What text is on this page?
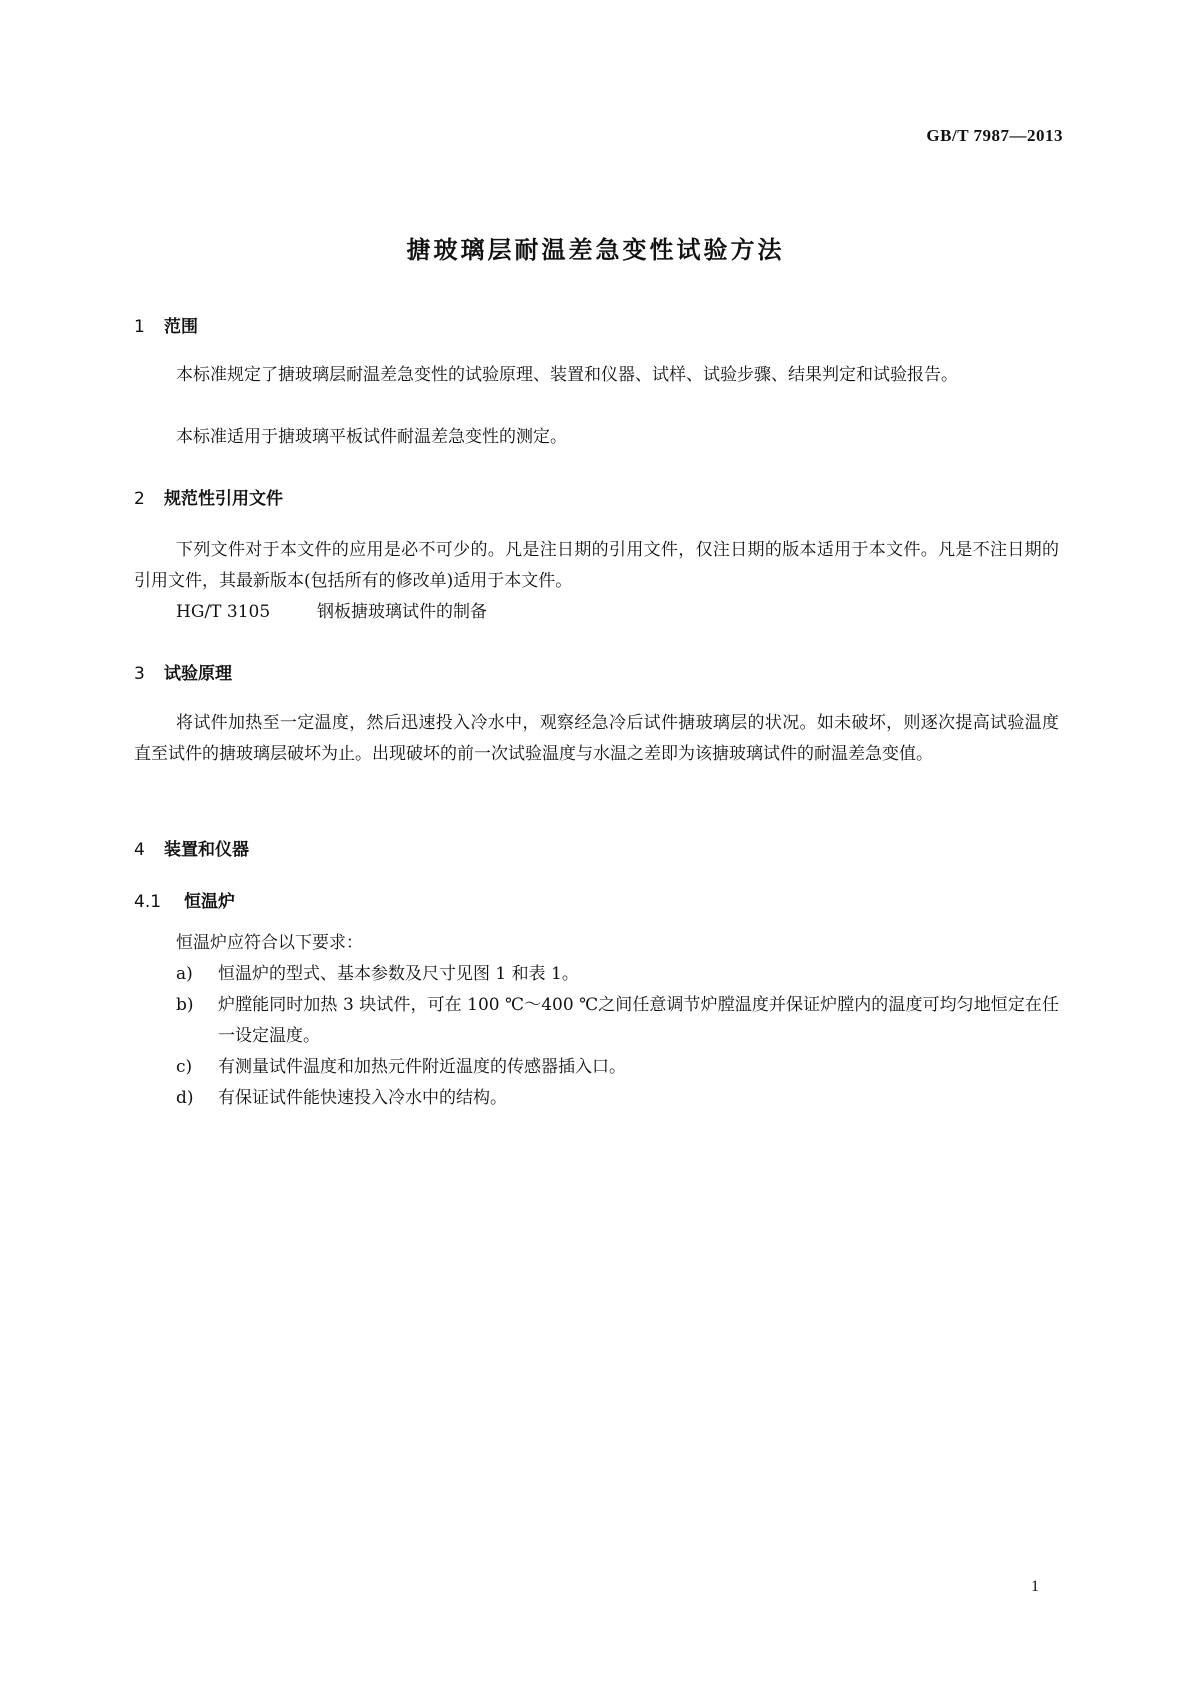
GB/T 7987—2013
搪玻璃层耐温差急变性试验方法
1 范围
本标准规定了搪玻璃层耐温差急变性的试验原理、装置和仪器、试样、试验步骤、结果判定和试验报告。
本标准适用于搪玻璃平板试件耐温差急变性的测定。
2 规范性引用文件
下列文件对于本文件的应用是必不可少的。凡是注日期的引用文件，仅注日期的版本适用于本文件。凡是不注日期的引用文件，其最新版本(包括所有的修改单)适用于本文件。
HG/T 3105	钢板搪玻璃试件的制备
3 试验原理
将试件加热至一定温度，然后迅速投入冷水中，观察经急冷后试件搪玻璃层的状况。如未破坏，则逐次提高试验温度直至试件的搪玻璃层破坏为止。出现破坏的前一次试验温度与水温之差即为该搪玻璃试件的耐温差急变值。
4 装置和仪器
4.1 恒温炉
恒温炉应符合以下要求：
a)	恒温炉的型式、基本参数及尺寸见图 1 和表 1。
b)	炉膛能同时加热 3 块试件，可在 100 ℃～400 ℃之间任意调节炉膛温度并保证炉膛内的温度可均匀地恒定在任一设定温度。
c)	有测量试件温度和加热元件附近温度的传感器插入口。
d)	有保证试件能快速投入冷水中的结构。
1
